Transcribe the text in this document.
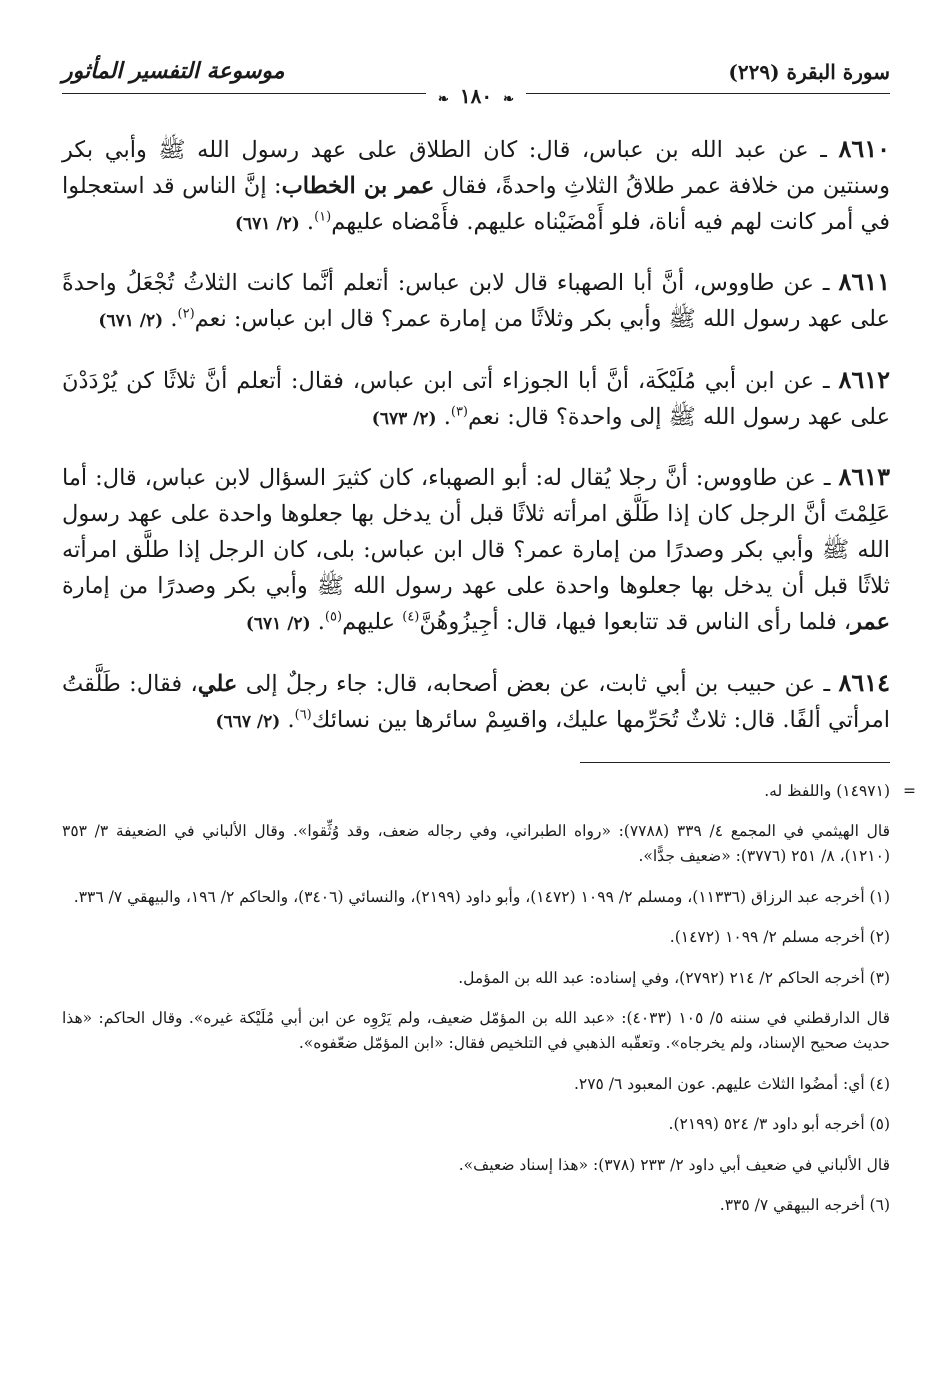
سورة البقرة (٢٢٩)
❧ ١٨٠ ❧
موسوعة التفسير المأثور

٨٦١٠ ـ عن عبد الله بن عباس، قال: كان الطلاق على عهد رسول الله ﷺ وأبي بكر وسنتين من خلافة عمر طلاقُ الثلاثِ واحدةً، فقال عمر بن الخطاب: إنَّ الناس قد استعجلوا في أمر كانت لهم فيه أناة، فلو أَمْضَيْناه عليهم. فأَمْضاه عليهم$^{(١)}$. (٢/ ٦٧١)

٨٦١١ ـ عن طاووس، أنَّ أبا الصهباء قال لابن عباس: أتعلم أنَّما كانت الثلاثُ تُجْعَلُ واحدةً على عهد رسول الله ﷺ وأبي بكر وثلاثًا من إمارة عمر؟ قال ابن عباس: نعم$^{(٢)}$. (٢/ ٦٧١)

٨٦١٢ ـ عن ابن أبي مُلَيْكَة، أنَّ أبا الجوزاء أتى ابن عباس، فقال: أتعلم أنَّ ثلاثًا كن يُرْدَدْنَ على عهد رسول الله ﷺ إلى واحدة؟ قال: نعم$^{(٣)}$. (٢/ ٦٧٣)

٨٦١٣ ـ عن طاووس: أنَّ رجلا يُقال له: أبو الصهباء، كان كثيرَ السؤال لابن عباس، قال: أما عَلِمْتَ أنَّ الرجل كان إذا طَلَّق امرأته ثلاثًا قبل أن يدخل بها جعلوها واحدة على عهد رسول الله ﷺ وأبي بكر وصدرًا من إمارة عمر؟ قال ابن عباس: بلى، كان الرجل إذا طلَّق امرأته ثلاثًا قبل أن يدخل بها جعلوها واحدة على عهد رسول الله ﷺ وأبي بكر وصدرًا من إمارة عمر، فلما رأى الناس قد تتابعوا فيها، قال: أجِيزُوهُنَّ$^{(٤)}$ عليهم$^{(٥)}$. (٢/ ٦٧١)

٨٦١٤ ـ عن حبيب بن أبي ثابت، عن بعض أصحابه، قال: جاء رجلٌ إلى علي، فقال: طَلَّقتُ امرأتي ألفًا. قال: ثلاثٌ تُحَرِّمها عليك، واقسِمْ سائرها بين نسائك$^{(٦)}$. (٢/ ٦٦٧)

=
(١٤٩٧١) واللفظ له.

قال الهيثمي في المجمع ٤/ ٣٣٩ (٧٧٨٨): «رواه الطبراني، وفي رجاله ضعف، وقد وُثِّقوا». وقال الألباني في الضعيفة ٣/ ٣٥٣ (١٢١٠)، ٨/ ٢٥١ (٣٧٧٦): «ضعيف جدًّا».

(١) أخرجه عبد الرزاق (١١٣٣٦)، ومسلم ٢/ ١٠٩٩ (١٤٧٢)، وأبو داود (٢١٩٩)، والنسائي (٣٤٠٦)، والحاكم ٢/ ١٩٦، والبيهقي ٧/ ٣٣٦.

(٢) أخرجه مسلم ٢/ ١٠٩٩ (١٤٧٢).

(٣) أخرجه الحاكم ٢/ ٢١٤ (٢٧٩٢)، وفي إسناده: عبد الله بن المؤمل.

قال الدارقطني في سننه ٥/ ١٠٥ (٤٠٣٣): «عبد الله بن المؤمّل ضعيف، ولم يَرْوِه عن ابن أبي مُلَيْكة غيره». وقال الحاكم: «هذا حديث صحيح الإسناد، ولم يخرجاه». وتعقّبه الذهبي في التلخيص فقال: «ابن المؤمّل ضعّفوه».

(٤) أي: أمضُوا الثلاث عليهم. عون المعبود ٦/ ٢٧٥.

(٥) أخرجه أبو داود ٣/ ٥٢٤ (٢١٩٩).

قال الألباني في ضعيف أبي داود ٢/ ٢٣٣ (٣٧٨): «هذا إسناد ضعيف».

(٦) أخرجه البيهقي ٧/ ٣٣٥.
